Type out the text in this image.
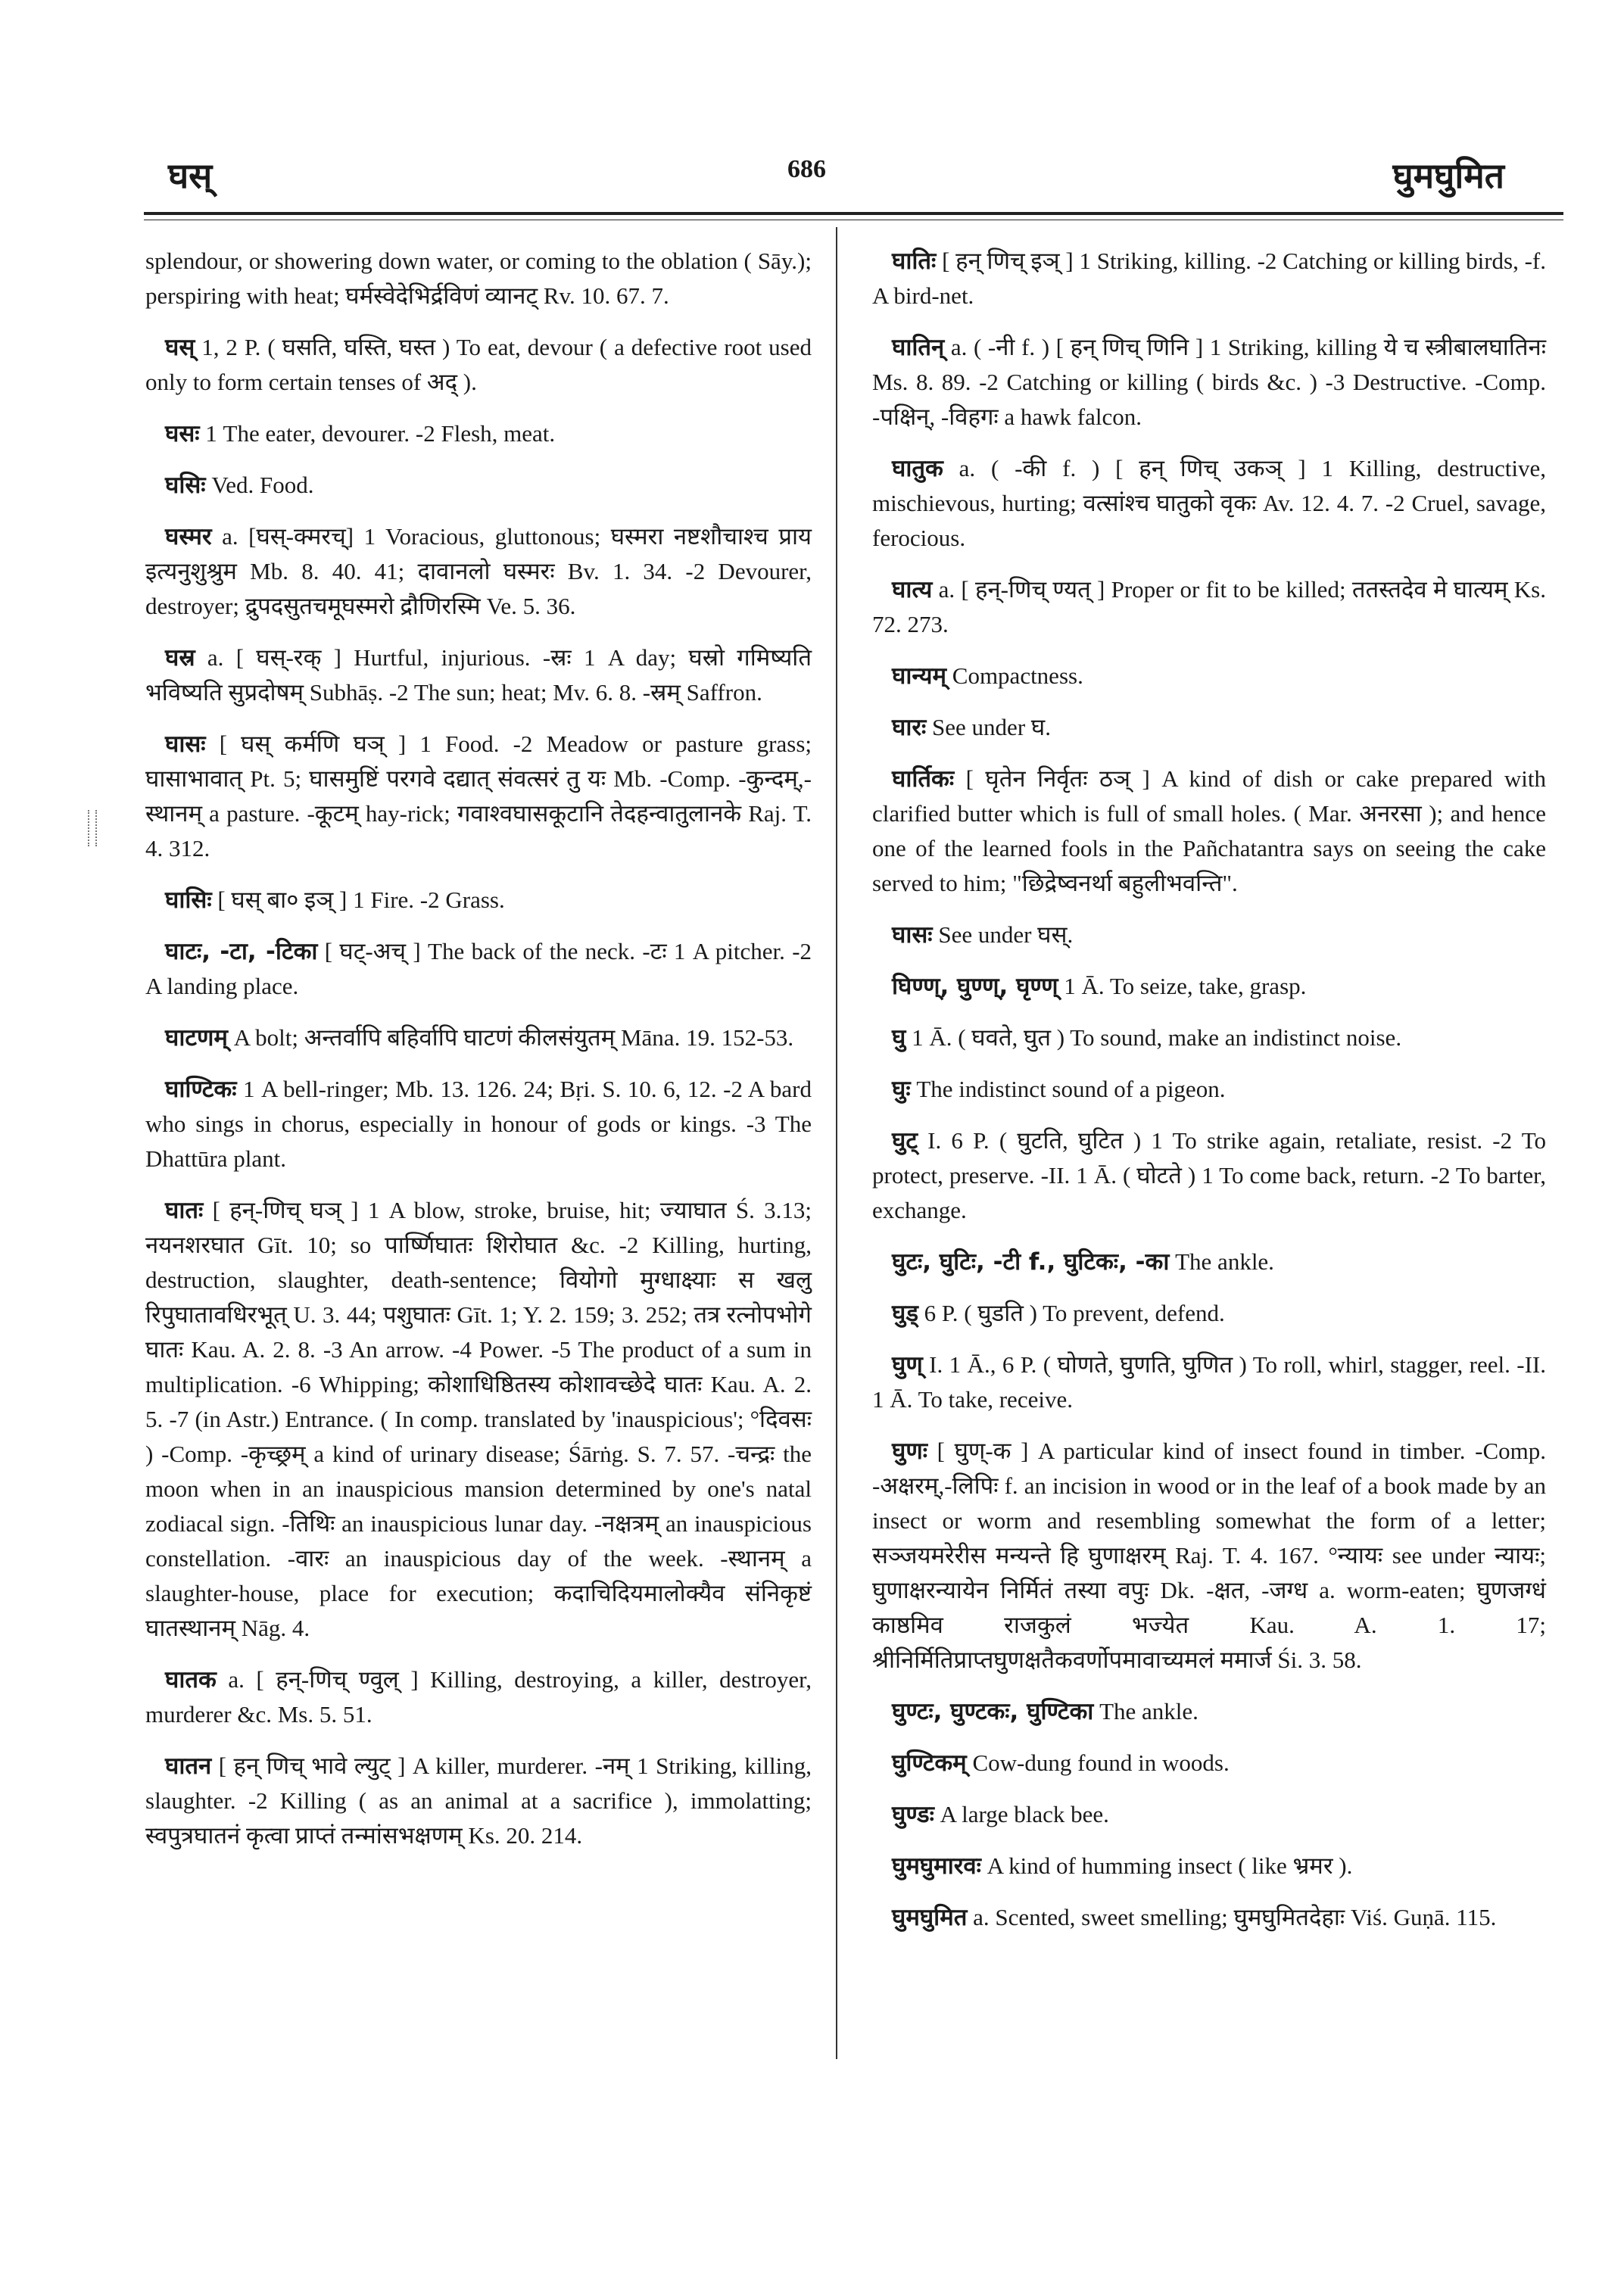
घस्	686	घुमघुमित
splendour, or showering down water, or coming to the oblation ( Sāy.); perspiring with heat; घर्मस्वेदेभिर्द्रविणं व्यानट् Rv. 10. 67. 7.
घस् 1, 2 P. ( घसति, घस्ति, घस्त ) To eat, devour ( a defective root used only to form certain tenses of अद् ).
घसः 1 The eater, devourer. -2 Flesh, meat.
घसिः Ved. Food.
घस्मर a. [घस्-क्मरच्] 1 Voracious, gluttonous; घस्मरा नष्टशौचाश्च प्राय इत्यनुशुश्रुम Mb. 8. 40. 41; दावानलो घस्मरः Bv. 1. 34. -2 Devourer, destroyer; द्रुपदसुतचमूघस्मरो द्रौणिरस्मि Ve. 5. 36.
घस्र a. [ घस्-रक् ] Hurtful, injurious. -स्रः 1 A day; घस्रो गमिष्यति भविष्यति सुप्रदोषम् Subhāṣ. -2 The sun; heat; Mv. 6. 8. -स्रम् Saffron.
घासः [ घस् कर्मणि घञ् ] 1 Food. -2 Meadow or pasture grass; घासाभावात् Pt. 5; घासमुष्टिं परगवे दद्यात् संवत्सरं तु यः Mb. -Comp. -कुन्दम्,-स्थानम् a pasture. -कूटम् hay-rick; गवाश्वघासकूटानि तेदहन्वातुलानके Raj. T. 4. 312.
घासिः [ घस् बा० इञ् ] 1 Fire. -2 Grass.
घाटः, -टा, -टिका [ घट्-अच् ] The back of the neck. -टः 1 A pitcher. -2 A landing place.
घाटणम् A bolt; अन्तर्वापि बहिर्वापि घाटणं कीलसंयुतम् Māna. 19. 152-53.
घाण्टिकः 1 A bell-ringer; Mb. 13. 126. 24; Bṛi. S. 10. 6, 12. -2 A bard who sings in chorus, especially in honour of gods or kings. -3 The Dhattūra plant.
घातः [ हन्-णिच् घञ् ] 1 A blow, stroke, bruise, hit; ज्याघात Ś. 3.13; नयनशरघात Gīt. 10; so पार्ष्णिघातः शिरोघात &c. -2 Killing, hurting, destruction, slaughter, death-sentence; वियोगो मुग्धाक्ष्याः स खलु रिपुघातावधिरभूत् U. 3. 44; पशुघातः Gīt. 1; Y. 2. 159; 3. 252; तत्र रत्नोपभोगे घातः Kau. A. 2. 8. -3 An arrow. -4 Power. -5 The product of a sum in multiplication. -6 Whipping; कोशाधिष्ठितस्य कोशावच्छेदे घातः Kau. A. 2. 5. -7 (in Astr.) Entrance. ( In comp. translated by 'inauspicious'; °दिवसः ) -Comp. -कृच्छ्रम् a kind of urinary disease; Śārṅg. S. 7. 57. -चन्द्रः the moon when in an inauspicious mansion determined by one's natal zodiacal sign. -तिथिः an inauspicious lunar day. -नक्षत्रम् an inauspicious constellation. -वारः an inauspicious day of the week. -स्थानम् a slaughter-house, place for execution; कदाचिदियमालोक्यैव संनिकृष्टं घातस्थानम् Nāg. 4.
घातक a. [ हन्-णिच् ण्वुल् ] Killing, destroying, a killer, destroyer, murderer &c. Ms. 5. 51.
घातन [ हन् णिच् भावे ल्युट् ] A killer, murderer. -नम् 1 Striking, killing, slaughter. -2 Killing ( as an animal at a sacrifice ), immolatting; स्वपुत्रघातनं कृत्वा प्राप्तं तन्मांसभक्षणम् Ks. 20. 214.
घातिः [ हन् णिच् इञ् ] 1 Striking, killing. -2 Catching or killing birds, -f. A bird-net.
घातिन् a. ( -नी f. ) [ हन् णिच् णिनि ] 1 Striking, killing ये च स्त्रीबालघातिनः Ms. 8. 89. -2 Catching or killing ( birds &c. ) -3 Destructive. -Comp. -पक्षिन्, -विहगः a hawk falcon.
घातुक a. ( -की f. ) [ हन् णिच् उकञ् ] 1 Killing, destructive, mischievous, hurting; वत्सांश्च घातुको वृकः Av. 12. 4. 7. -2 Cruel, savage, ferocious.
घात्य a. [ हन्-णिच् ण्यत् ] Proper or fit to be killed; ततस्तदेव मे घात्यम् Ks. 72. 273.
घान्यम् Compactness.
घारः See under घ.
घार्तिकः [ घृतेन निर्वृतः ठञ् ] A kind of dish or cake prepared with clarified butter which is full of small holes. ( Mar. अनरसा ); and hence one of the learned fools in the Pañchatantra says on seeing the cake served to him; "छिद्रेष्वनर्था बहुलीभवन्ति".
घासः See under घस्.
घिण्ण्, घुण्ण्, घृण्ण् 1 Ā. To seize, take, grasp.
घु 1 Ā. ( घवते, घुत ) To sound, make an indistinct noise.
घुः The indistinct sound of a pigeon.
घुट् I. 6 P. ( घुटति, घुटित ) 1 To strike again, retaliate, resist. -2 To protect, preserve. -II. 1 Ā. ( घोटते ) 1 To come back, return. -2 To barter, exchange.
घुटः, घुटिः, -टी f., घुटिकः, -का The ankle.
घुड् 6 P. ( घुडति ) To prevent, defend.
घुण् I. 1 Ā., 6 P. ( घोणते, घुणति, घुणित ) To roll, whirl, stagger, reel. -II. 1 Ā. To take, receive.
घुणः [ घुण्-क ] A particular kind of insect found in timber. -Comp. -अक्षरम्,-लिपिः f. an incision in wood or in the leaf of a book made by an insect or worm and resembling somewhat the form of a letter; सञ्जयमरेरीस मन्यन्ते हि घुणाक्षरम् Raj. T. 4. 167. °न्यायः see under न्यायः; घुणाक्षरन्यायेन निर्मितं तस्या वपुः Dk. -क्षत, -जग्ध a. worm-eaten; घुणजग्धं काष्ठमिव राजकुलं भज्येत Kau. A. 1. 17; श्रीनिर्मितिप्राप्तघुणक्षतैकवर्णोपमावाच्यमलं ममार्ज Śi. 3. 58.
घुण्टः, घुण्टकः, घुण्टिका The ankle.
घुण्टिकम् Cow-dung found in woods.
घुण्डः A large black bee.
घुमघुमारवः A kind of humming insect ( like भ्रमर ).
घुमघुमित a. Scented, sweet smelling; घुमघुमितदेहाः Viś. Guṇā. 115.
